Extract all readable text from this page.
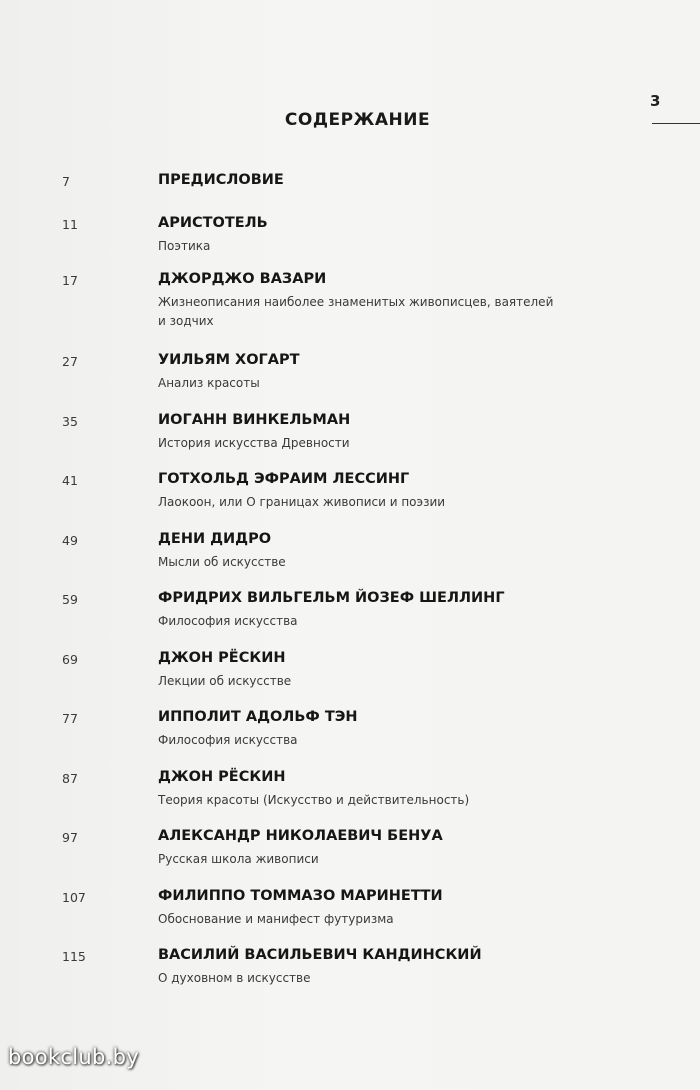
3
СОДЕРЖАНИЕ
7	ПРЕДИСЛОВИЕ
11	АРИСТОТЕЛЬ
Поэтика
17	ДЖОРДЖО ВАЗАРИ
Жизнеописания наиболее знаменитых живописцев, ваятелей и зодчих
27	УИЛЬЯМ ХОГАРТ
Анализ красоты
35	ИОГАНН ВИНКЕЛЬМАН
История искусства Древности
41	ГОТХОЛЬД ЭФРАИМ ЛЕССИНГ
Лаокоон, или О границах живописи и поэзии
49	ДЕНИ ДИДРО
Мысли об искусстве
59	ФРИДРИХ ВИЛЬГЕЛЬМ ЙОЗЕФ ШЕЛЛИНГ
Философия искусства
69	ДЖОН РЁСКИН
Лекции об искусстве
77	ИППОЛИТ АДОЛЬФ ТЭН
Философия искусства
87	ДЖОН РЁСКИН
Теория красоты (Искусство и действительность)
97	АЛЕКСАНДР НИКОЛАЕВИЧ БЕНУА
Русская школа живописи
107	ФИЛИППО ТОММАЗО МАРИНЕТТИ
Обоснование и манифест футуризма
115	ВАСИЛИЙ ВАСИЛЬЕВИЧ КАНДИНСКИЙ
О духовном в искусстве
bookclub.by
